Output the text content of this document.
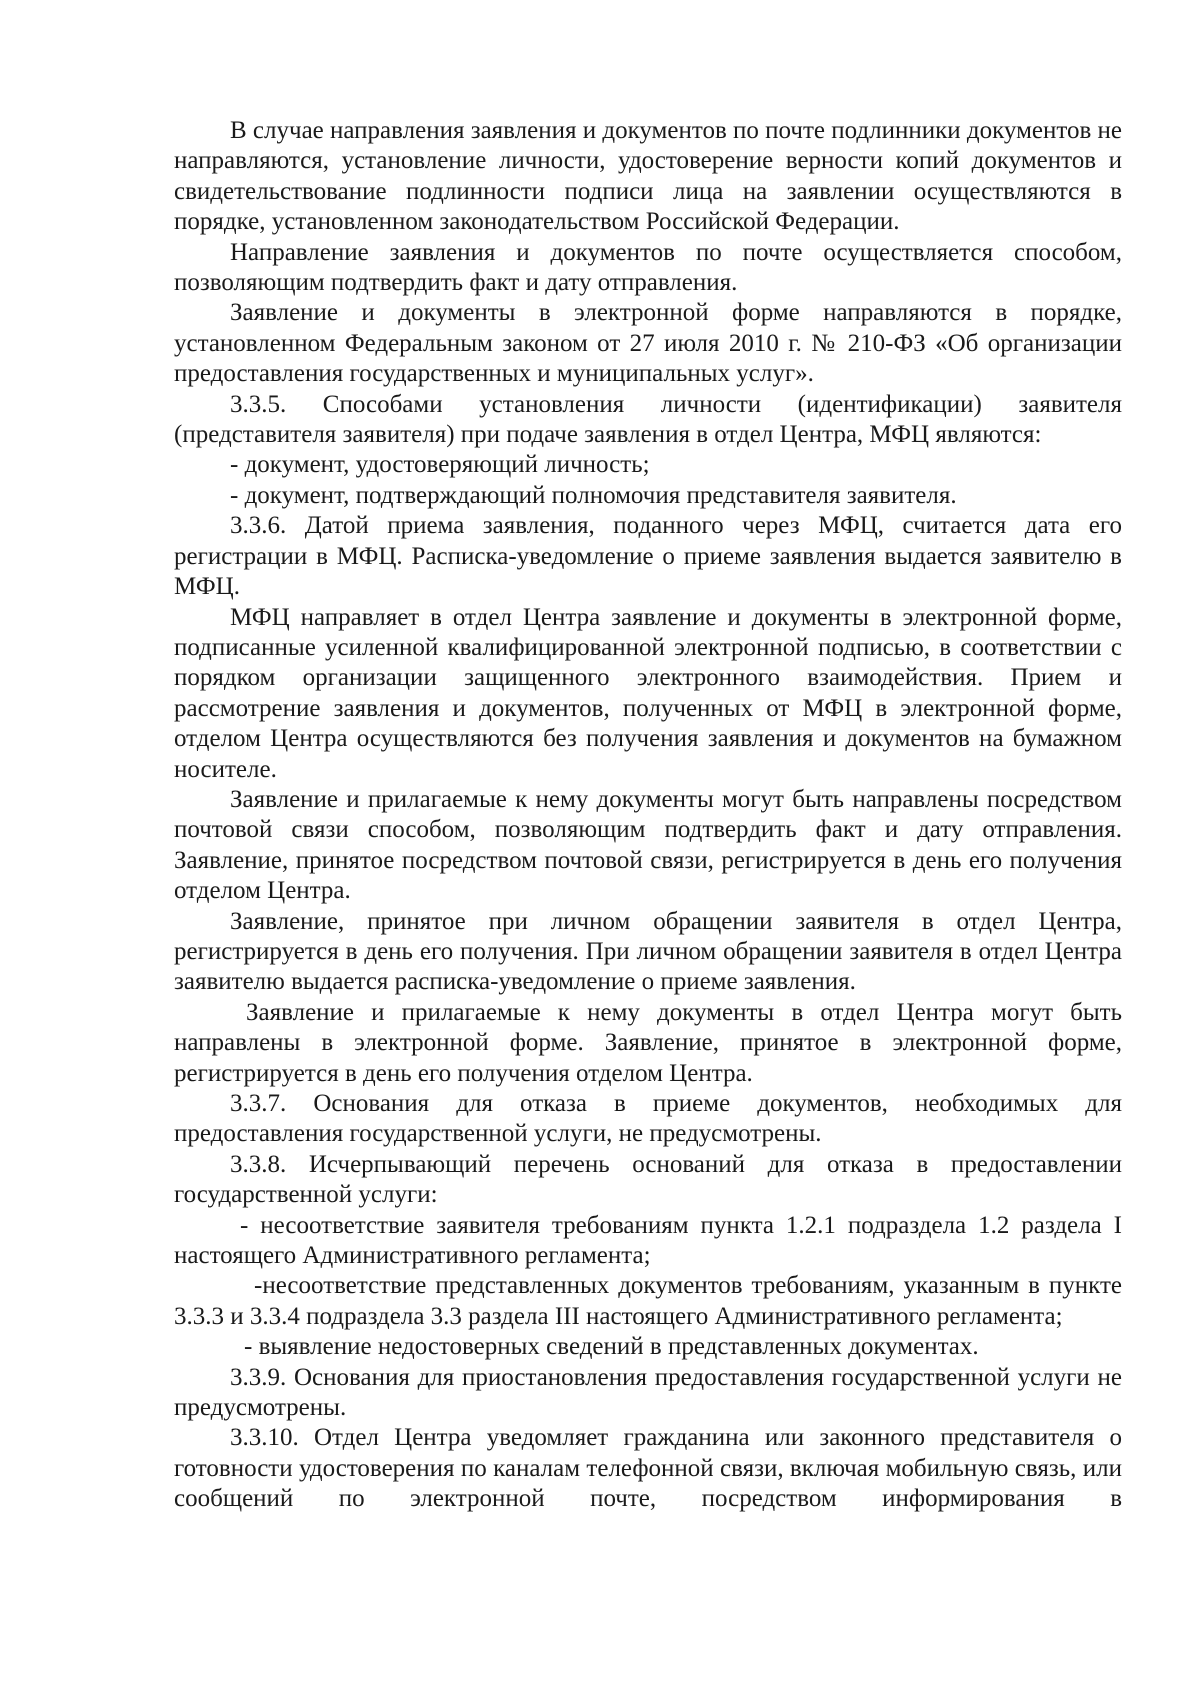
В случае направления заявления и документов по почте подлинники документов не направляются, установление личности, удостоверение верности копий документов и свидетельствование подлинности подписи лица на заявлении осуществляются в порядке, установленном законодательством Российской Федерации.

Направление заявления и документов по почте осуществляется способом, позволяющим подтвердить факт и дату отправления.

Заявление и документы в электронной форме направляются в порядке, установленном Федеральным законом от 27 июля 2010 г. № 210-ФЗ «Об организации предоставления государственных и муниципальных услуг».

3.3.5. Способами установления личности (идентификации) заявителя (представителя заявителя) при подаче заявления в отдел Центра, МФЦ являются:

- документ, удостоверяющий личность;

- документ, подтверждающий полномочия представителя заявителя.

3.3.6. Датой приема заявления, поданного через МФЦ, считается дата его регистрации в МФЦ. Расписка-уведомление о приеме заявления выдается заявителю в МФЦ.

МФЦ направляет в отдел Центра заявление и документы в электронной форме, подписанные усиленной квалифицированной электронной подписью, в соответствии с порядком организации защищенного электронного взаимодействия. Прием и рассмотрение заявления и документов, полученных от МФЦ в электронной форме, отделом Центра осуществляются без получения заявления и документов на бумажном носителе.

Заявление и прилагаемые к нему документы могут быть направлены посредством почтовой связи способом, позволяющим подтвердить факт и дату отправления. Заявление, принятое посредством почтовой связи, регистрируется в день его получения отделом Центра.

Заявление, принятое при личном обращении заявителя в отдел Центра, регистрируется в день его получения. При личном обращении заявителя в отдел Центра заявителю выдается расписка-уведомление о приеме заявления.

Заявление и прилагаемые к нему документы в отдел Центра могут быть направлены в электронной форме. Заявление, принятое в электронной форме, регистрируется в день его получения отделом Центра.

3.3.7. Основания для отказа в приеме документов, необходимых для предоставления государственной услуги, не предусмотрены.

3.3.8. Исчерпывающий перечень оснований для отказа в предоставлении государственной услуги:

- несоответствие заявителя требованиям пункта 1.2.1 подраздела 1.2 раздела I настоящего Административного регламента;

-несоответствие представленных документов требованиям, указанным в пункте 3.3.3 и 3.3.4 подраздела 3.3 раздела III настоящего Административного регламента;

- выявление недостоверных сведений в представленных документах.

3.3.9. Основания для приостановления предоставления государственной услуги не предусмотрены.

3.3.10. Отдел Центра уведомляет гражданина или законного представителя о готовности удостоверения по каналам телефонной связи, включая мобильную связь, или сообщений по электронной почте, посредством информирования в
